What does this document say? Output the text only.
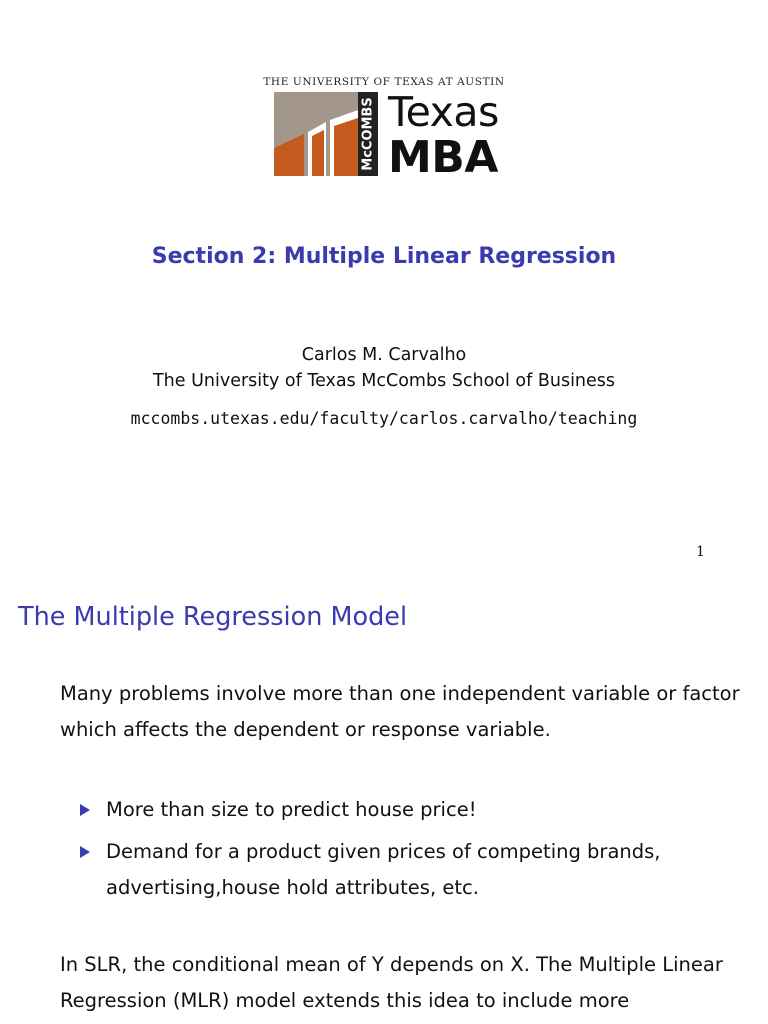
THE UNIVERSITY OF TEXAS AT AUSTIN
McCOMBS Texas
MBA
Section 2: Multiple Linear Regression
Carlos M. Carvalho
The University of Texas McCombs School of Business
mccombs.utexas.edu/faculty/carlos.carvalho/teaching
1
The Multiple Regression Model
Many problems involve more than one independent variable or factor which affects the dependent or response variable.
More than size to predict house price!
Demand for a product given prices of competing brands, advertising,house hold attributes, etc.
In SLR, the conditional mean of Y depends on X. The Multiple Linear Regression (MLR) model extends this idea to include more
